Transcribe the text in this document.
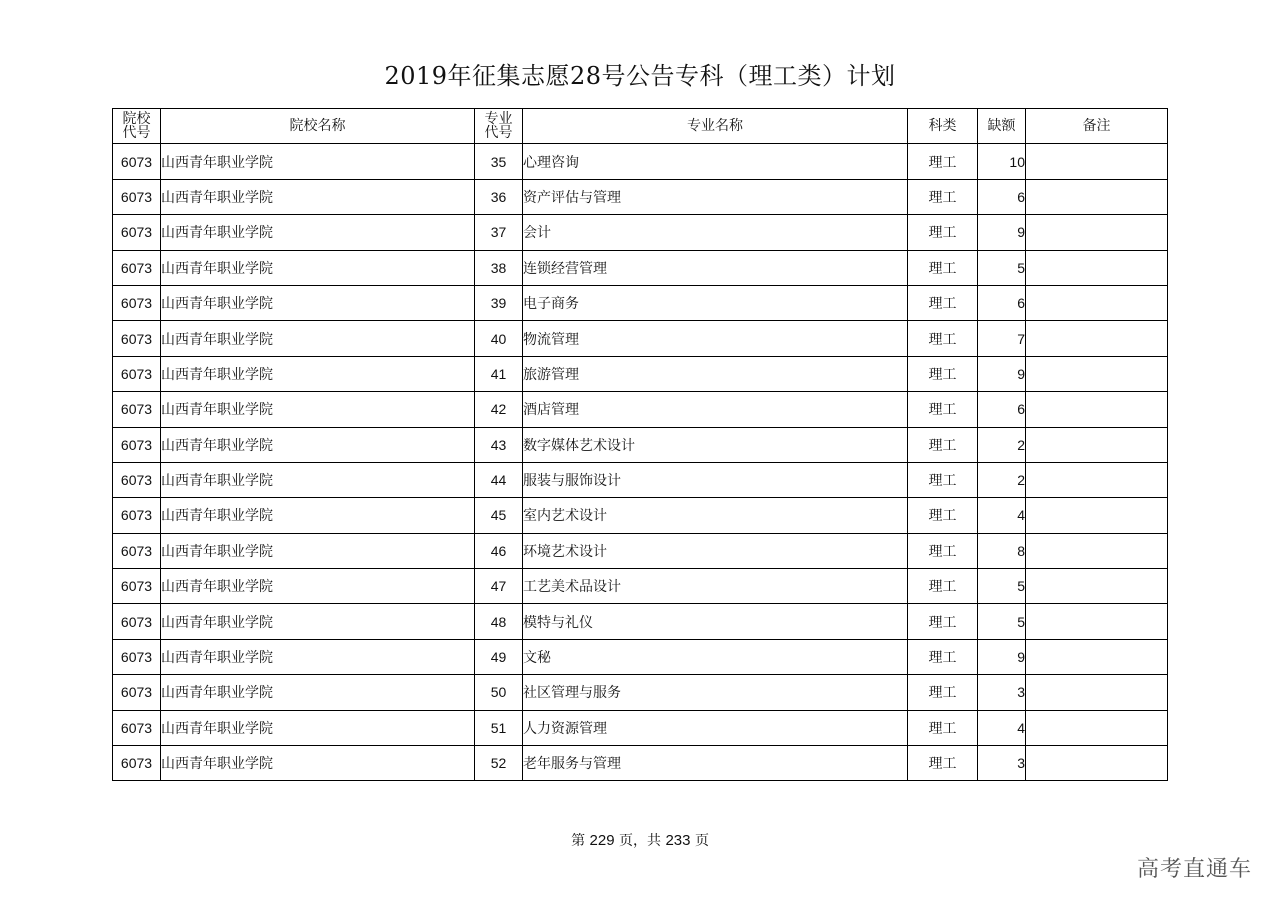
2019年征集志愿28号公告专科（理工类）计划
院校代号	院校名称	专业代号	专业名称	科类	缺额	备注
6073	山西青年职业学院	35	心理咨询	理工	10	
6073	山西青年职业学院	36	资产评估与管理	理工	6	
6073	山西青年职业学院	37	会计	理工	9	
6073	山西青年职业学院	38	连锁经营管理	理工	5	
6073	山西青年职业学院	39	电子商务	理工	6	
6073	山西青年职业学院	40	物流管理	理工	7	
6073	山西青年职业学院	41	旅游管理	理工	9	
6073	山西青年职业学院	42	酒店管理	理工	6	
6073	山西青年职业学院	43	数字媒体艺术设计	理工	2	
6073	山西青年职业学院	44	服装与服饰设计	理工	2	
6073	山西青年职业学院	45	室内艺术设计	理工	4	
6073	山西青年职业学院	46	环境艺术设计	理工	8	
6073	山西青年职业学院	47	工艺美术品设计	理工	5	
6073	山西青年职业学院	48	模特与礼仪	理工	5	
6073	山西青年职业学院	49	文秘	理工	9	
6073	山西青年职业学院	50	社区管理与服务	理工	3	
6073	山西青年职业学院	51	人力资源管理	理工	4	
6073	山西青年职业学院	52	老年服务与管理	理工	3	
第 229 页，共 233 页
高考直通车
